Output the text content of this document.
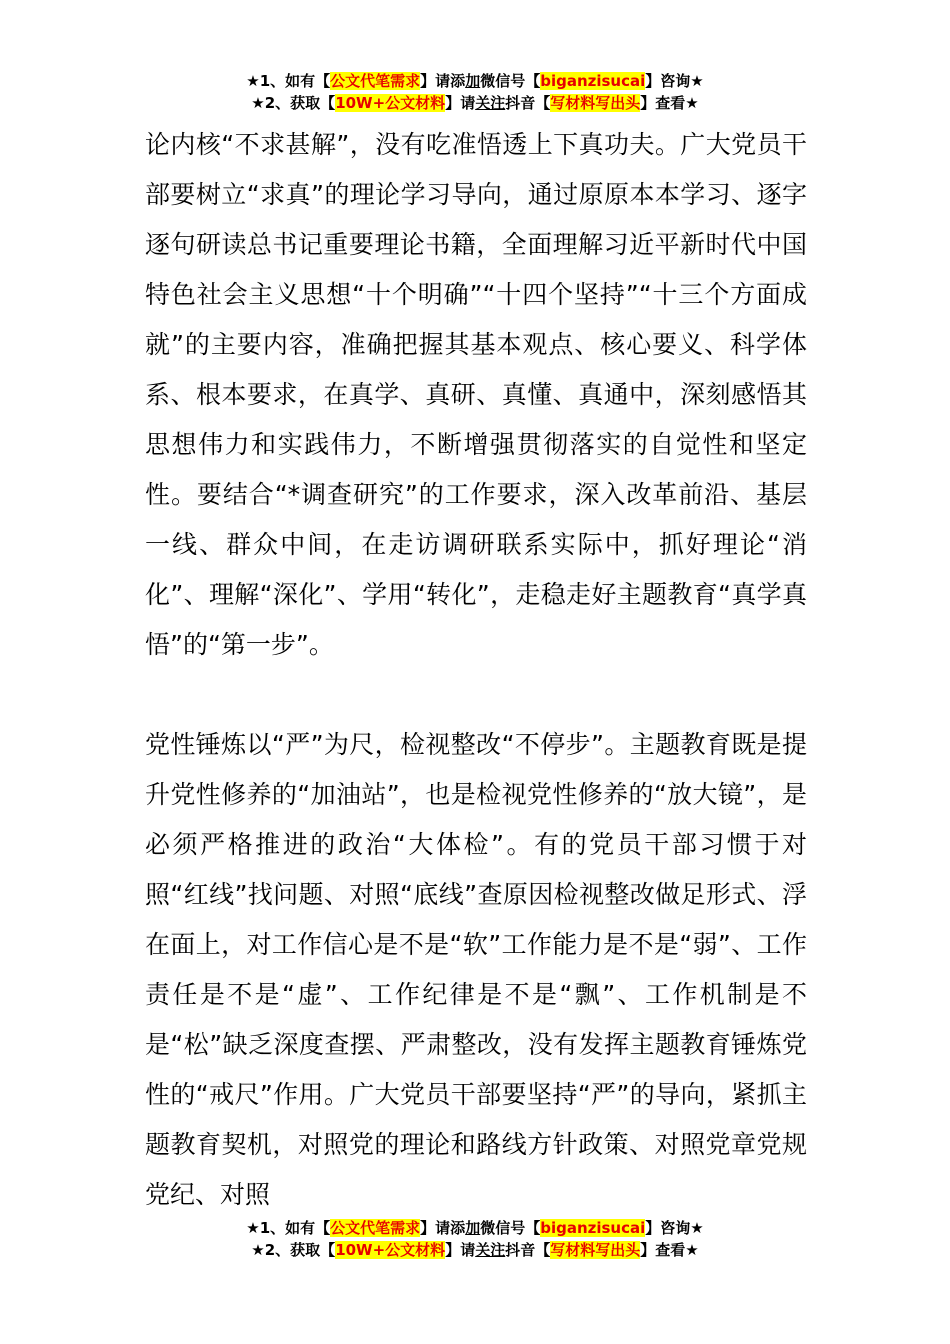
★1、如有【公文代笔需求】请添加微信号【biganzisucai】咨询★
★2、获取【10W+公文材料】请关注抖音【写材料写出头】查看★

论内核“不求甚解”，没有吃准悟透上下真功夫。广大党员干部要树立“求真”的理论学习导向，通过原原本本学习、逐字逐句研读总书记重要理论书籍，全面理解习近平新时代中国特色社会主义思想“十个明确”“十四个坚持”“十三个方面成就”的主要内容，准确把握其基本观点、核心要义、科学体系、根本要求，在真学、真研、真懂、真通中，深刻感悟其思想伟力和实践伟力，不断增强贯彻落实的自觉性和坚定性。要结合“*调查研究”的工作要求，深入改革前沿、基层一线、群众中间，在走访调研联系实际中，抓好理论“消化”、理解“深化”、学用“转化”，走稳走好主题教育“真学真悟”的“第一步”。

党性锤炼以“严”为尺，检视整改“不停步”。主题教育既是提升党性修养的“加油站”，也是检视党性修养的“放大镜”，是必须严格推进的政治“大体检”。有的党员干部习惯于对照“红线”找问题、对照“底线”查原因检视整改做足形式、浮在面上，对工作信心是不是“软”工作能力是不是“弱”、工作责任是不是“虚”、工作纪律是不是“飘”、工作机制是不是“松”缺乏深度查摆、严肃整改，没有发挥主题教育锤炼党性的“戒尺”作用。广大党员干部要坚持“严”的导向，紧抓主题教育契机，对照党的理论和路线方针政策、对照党章党规党纪、对照

★1、如有【公文代笔需求】请添加微信号【biganzisucai】咨询★
★2、获取【10W+公文材料】请关注抖音【写材料写出头】查看★
